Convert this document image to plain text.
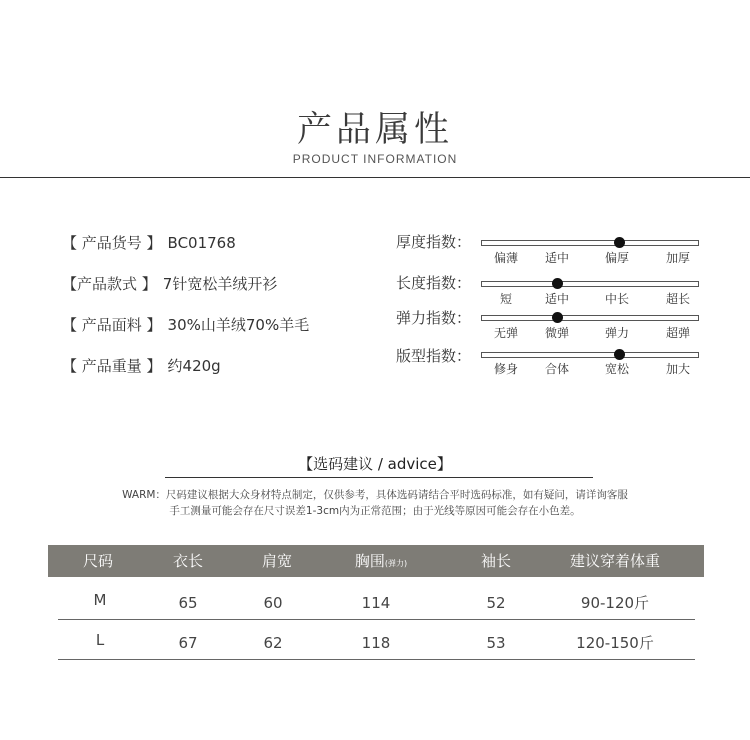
产品属性
PRODUCT INFORMATION
【 产品货号 】 BC01768
【产品款式 】 7针宽松羊绒开衫
【 产品面料 】 30%山羊绒70%羊毛
【 产品重量 】 约420g
厚度指数：
偏薄	适中	偏厚	加厚
长度指数：
短	适中	中长	超长
弹力指数：
无弹	微弹	弹力	超弹
版型指数：
修身	合体	宽松	加大
【选码建议 / advice】
WARM：尺码建议根据大众身材特点制定，仅供参考，具体选码请结合平时选码标准，如有疑问，请详询客服
手工测量可能会存在尺寸误差1-3cm内为正常范围；由于光线等原因可能会存在小色差。
尺码	衣长	肩宽	胸围(弹力)	袖长	建议穿着体重
M	65	60	114	52	90-120斤
L	67	62	118	53	120-150斤
